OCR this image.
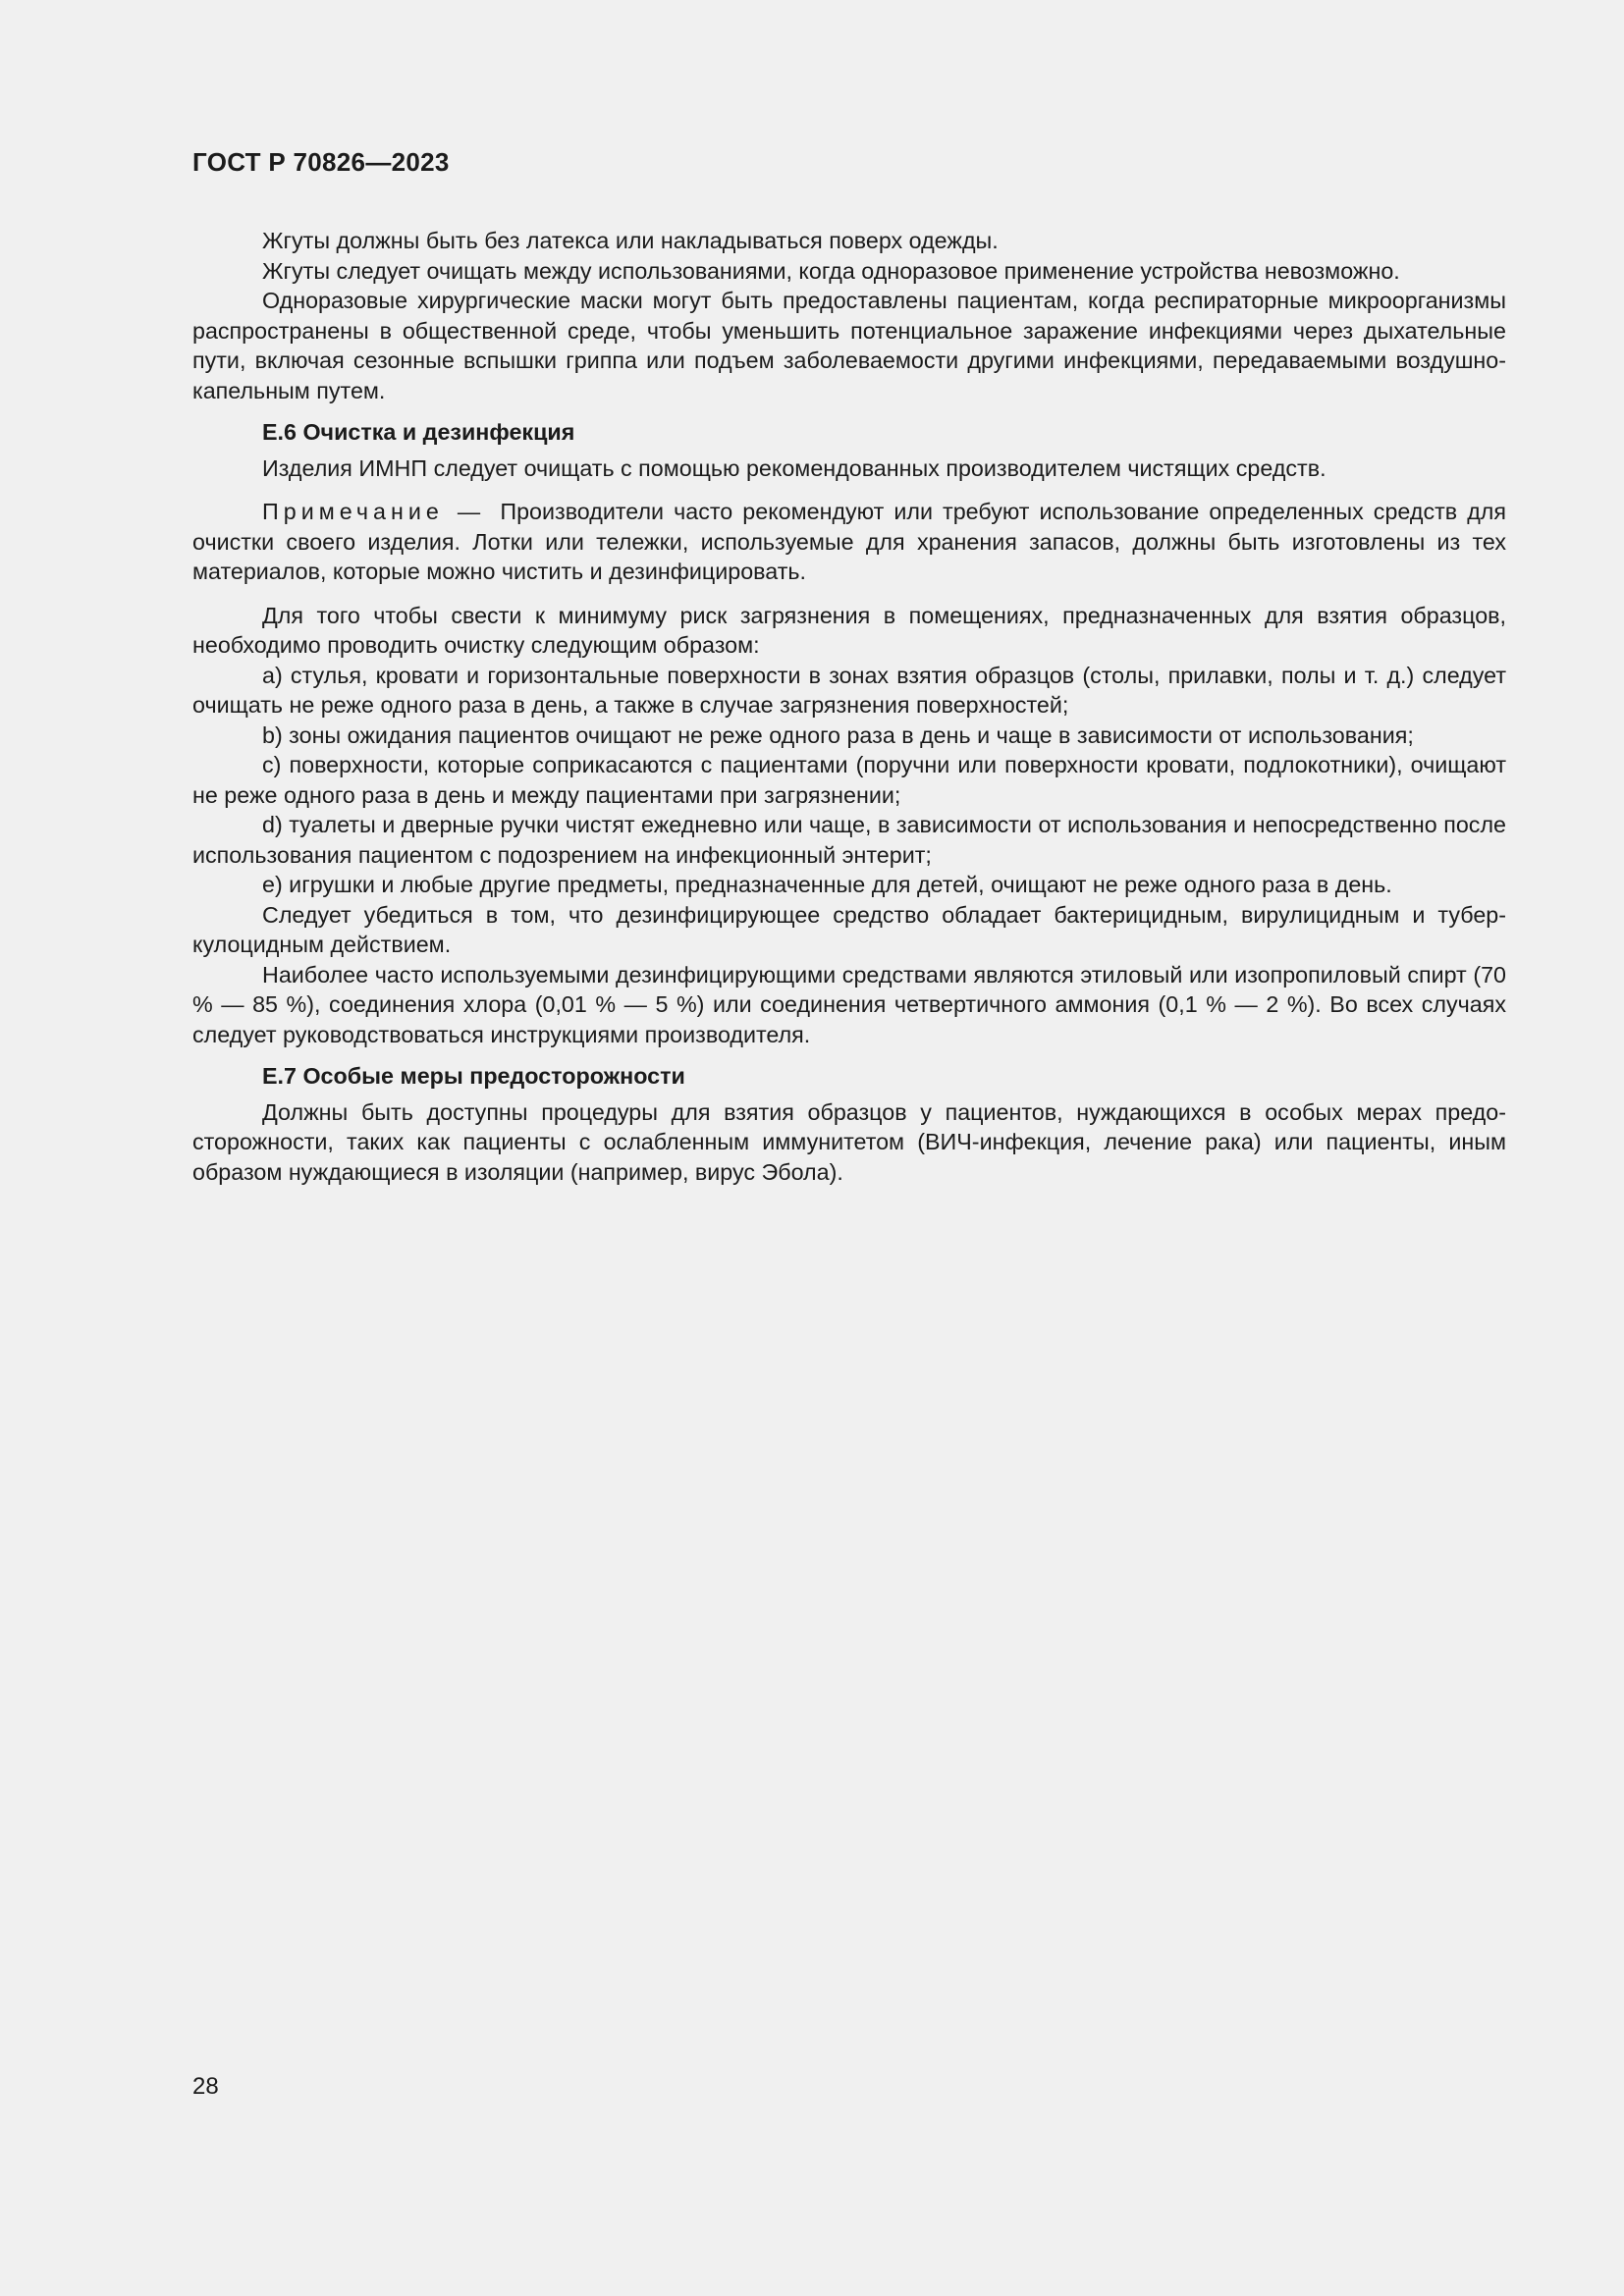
ГОСТ Р 70826—2023

Жгуты должны быть без латекса или накладываться поверх одежды.

Жгуты следует очищать между использованиями, когда одноразовое применение устройства невозможно.

Одноразовые хирургические маски могут быть предоставлены пациентам, когда респираторные микроорганизмы распространены в общественной среде, чтобы уменьшить потенциальное заражение инфекциями через дыхательные пути, включая сезонные вспышки гриппа или подъем заболеваемости другими инфекциями, передаваемыми воздушно-капельным путем.

Е.6 Очистка и дезинфекция

Изделия ИМНП следует очищать с помощью рекомендованных производителем чистящих средств.

Примечание — Производители часто рекомендуют или требуют использование определенных средств для очистки своего изделия. Лотки или тележки, используемые для хранения запасов, должны быть изготовлены из тех материалов, которые можно чистить и дезинфицировать.

Для того чтобы свести к минимуму риск загрязнения в помещениях, предназначенных для взятия образцов, необходимо проводить очистку следующим образом:

a) стулья, кровати и горизонтальные поверхности в зонах взятия образцов (столы, прилавки, полы и т. д.) следует очищать не реже одного раза в день, а также в случае загрязнения поверхностей;

b) зоны ожидания пациентов очищают не реже одного раза в день и чаще в зависимости от использования;

c) поверхности, которые соприкасаются с пациентами (поручни или поверхности кровати, подлокотники), очищают не реже одного раза в день и между пациентами при загрязнении;

d) туалеты и дверные ручки чистят ежедневно или чаще, в зависимости от использования и непосредственно после использования пациентом с подозрением на инфекционный энтерит;

e) игрушки и любые другие предметы, предназначенные для детей, очищают не реже одного раза в день.

Следует убедиться в том, что дезинфицирующее средство обладает бактерицидным, вирулицидным и туберкулоцидным действием.

Наиболее часто используемыми дезинфицирующими средствами являются этиловый или изопропиловый спирт (70 % — 85 %), соединения хлора (0,01 % — 5 %) или соединения четвертичного аммония (0,1 % — 2 %). Во всех случаях следует руководствоваться инструкциями производителя.

Е.7 Особые меры предосторожности

Должны быть доступны процедуры для взятия образцов у пациентов, нуждающихся в особых мерах предосторожности, таких как пациенты с ослабленным иммунитетом (ВИЧ-инфекция, лечение рака) или пациенты, иным образом нуждающиеся в изоляции (например, вирус Эбола).

28
